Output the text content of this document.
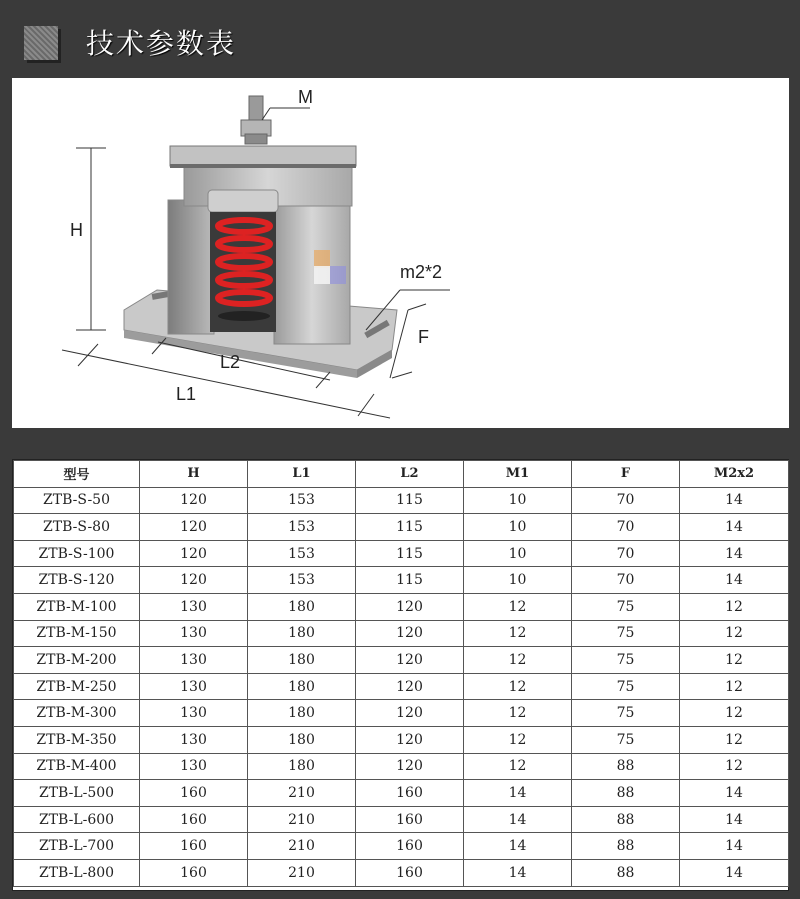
技术参数表
M
H
m2*2
F
L2
L1
型号	H	L1	L2	M1	F	M2x2
ZTB-S-50	120	153	115	10	70	14
ZTB-S-80	120	153	115	10	70	14
ZTB-S-100	120	153	115	10	70	14
ZTB-S-120	120	153	115	10	70	14
ZTB-M-100	130	180	120	12	75	12
ZTB-M-150	130	180	120	12	75	12
ZTB-M-200	130	180	120	12	75	12
ZTB-M-250	130	180	120	12	75	12
ZTB-M-300	130	180	120	12	75	12
ZTB-M-350	130	180	120	12	75	12
ZTB-M-400	130	180	120	12	88	12
ZTB-L-500	160	210	160	14	88	14
ZTB-L-600	160	210	160	14	88	14
ZTB-L-700	160	210	160	14	88	14
ZTB-L-800	160	210	160	14	88	14
